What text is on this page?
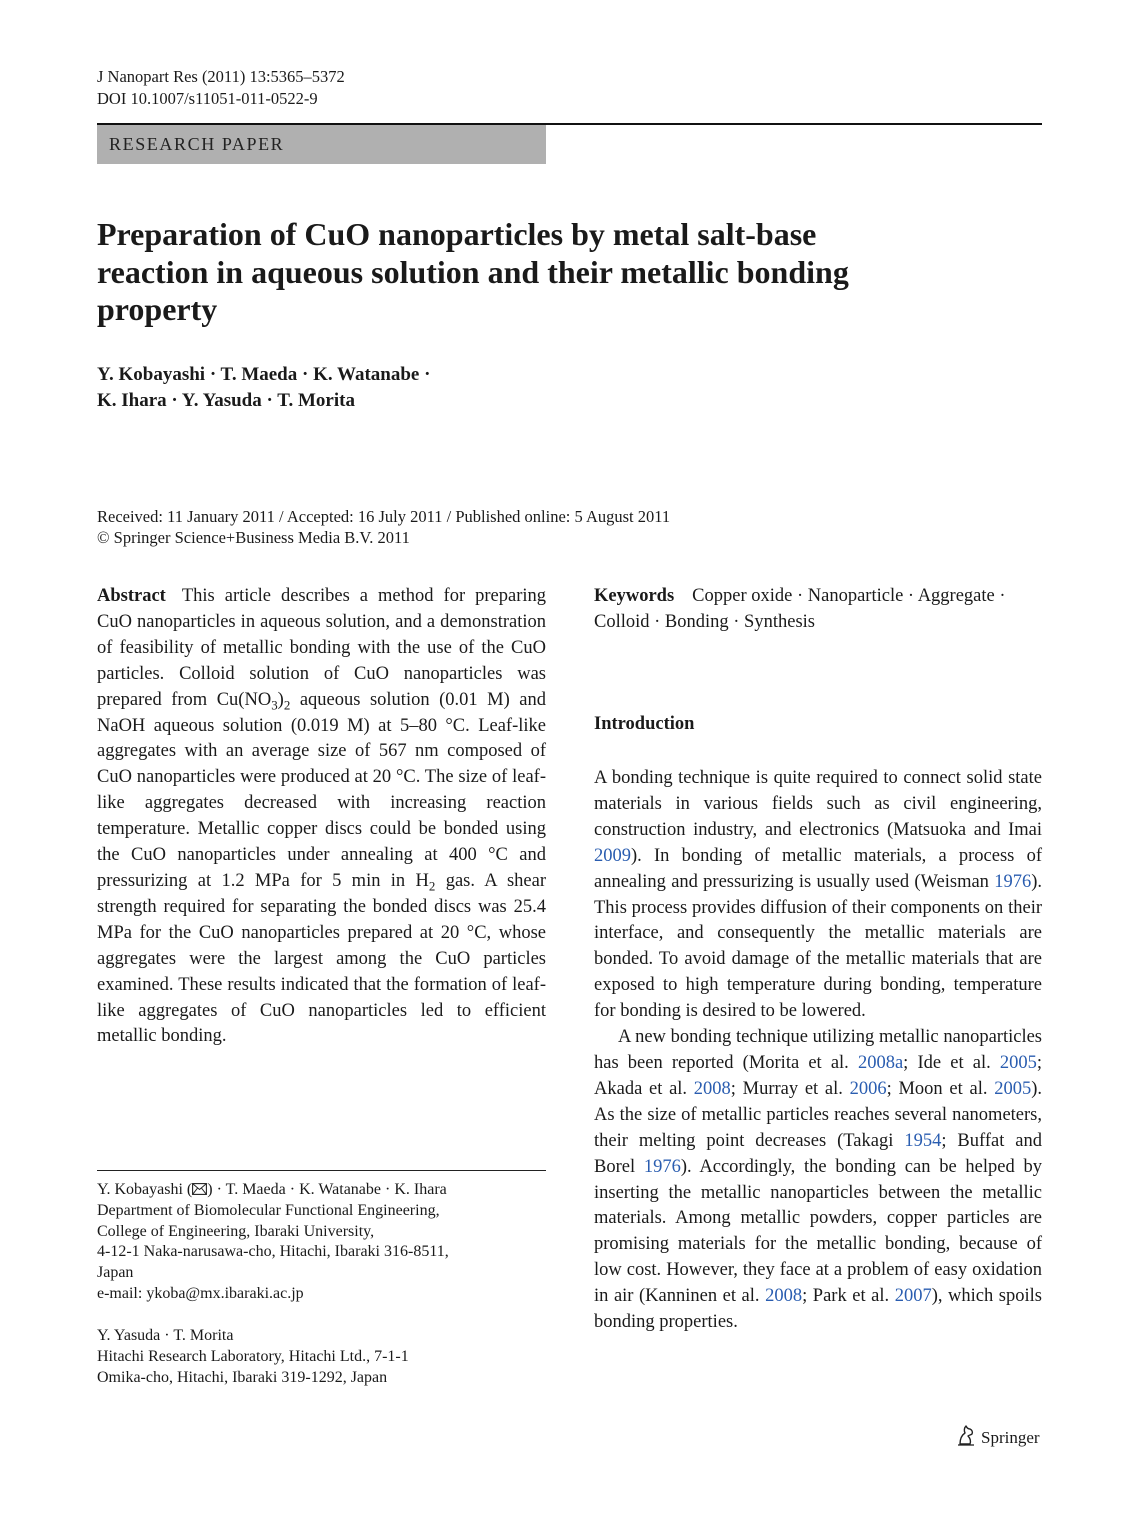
J Nanopart Res (2011) 13:5365–5372
DOI 10.1007/s11051-011-0522-9
RESEARCH PAPER
Preparation of CuO nanoparticles by metal salt-base
reaction in aqueous solution and their metallic bonding
property
Y. Kobayashi · T. Maeda · K. Watanabe ·
K. Ihara · Y. Yasuda · T. Morita
Received: 11 January 2011 / Accepted: 16 July 2011 / Published online: 5 August 2011
© Springer Science+Business Media B.V. 2011

Abstract This article describes a method for preparing CuO nanoparticles in aqueous solution, and a demonstration of feasibility of metallic bonding with the use of the CuO particles. Colloid solution of CuO nanoparticles was prepared from $Cu(NO_3)_2$ aqueous solution (0.01 M) and NaOH aqueous solution (0.019 M) at 5–80 °C. Leaf-like aggregates with an average size of 567 nm composed of CuO nanoparticles were produced at 20 °C. The size of leaf-like aggregates decreased with increasing reaction temperature. Metallic copper discs could be bonded using the CuO nanoparticles under annealing at 400 °C and pressurizing at 1.2 MPa for 5 min in $H_2$ gas. A shear strength required for separating the bonded discs was 25.4 MPa for the CuO nanoparticles prepared at 20 °C, whose aggregates were the largest among the CuO particles examined. These results indicated that the formation of leaf-like aggregates of CuO nanoparticles led to efficient metallic bonding.

Keywords Copper oxide · Nanoparticle · Aggregate · Colloid · Bonding · Synthesis

Introduction

A bonding technique is quite required to connect solid state materials in various fields such as civil engineering, construction industry, and electronics (Matsuoka and Imai 2009). In bonding of metallic materials, a process of annealing and pressurizing is usually used (Weisman 1976). This process provides diffusion of their components on their interface, and consequently the metallic materials are bonded. To avoid damage of the metallic materials that are exposed to high temperature during bonding, temperature for bonding is desired to be lowered.

A new bonding technique utilizing metallic nanoparticles has been reported (Morita et al. 2008a; Ide et al. 2005; Akada et al. 2008; Murray et al. 2006; Moon et al. 2005). As the size of metallic particles reaches several nanometers, their melting point decreases (Takagi 1954; Buffat and Borel 1976). Accordingly, the bonding can be helped by inserting the metallic nanoparticles between the metallic materials. Among metallic powders, copper particles are promising materials for the metallic bonding, because of low cost. However, they face at a problem of easy oxidation in air (Kanninen et al. 2008; Park et al. 2007), which spoils bonding properties.

Y. Kobayashi ( ) · T. Maeda · K. Watanabe · K. Ihara
Department of Biomolecular Functional Engineering,
College of Engineering, Ibaraki University,
4-12-1 Naka-narusawa-cho, Hitachi, Ibaraki 316-8511,
Japan
e-mail: ykoba@mx.ibaraki.ac.jp
Y. Yasuda · T. Morita
Hitachi Research Laboratory, Hitachi Ltd., 7-1-1
Omika-cho, Hitachi, Ibaraki 319-1292, Japan
Springer
